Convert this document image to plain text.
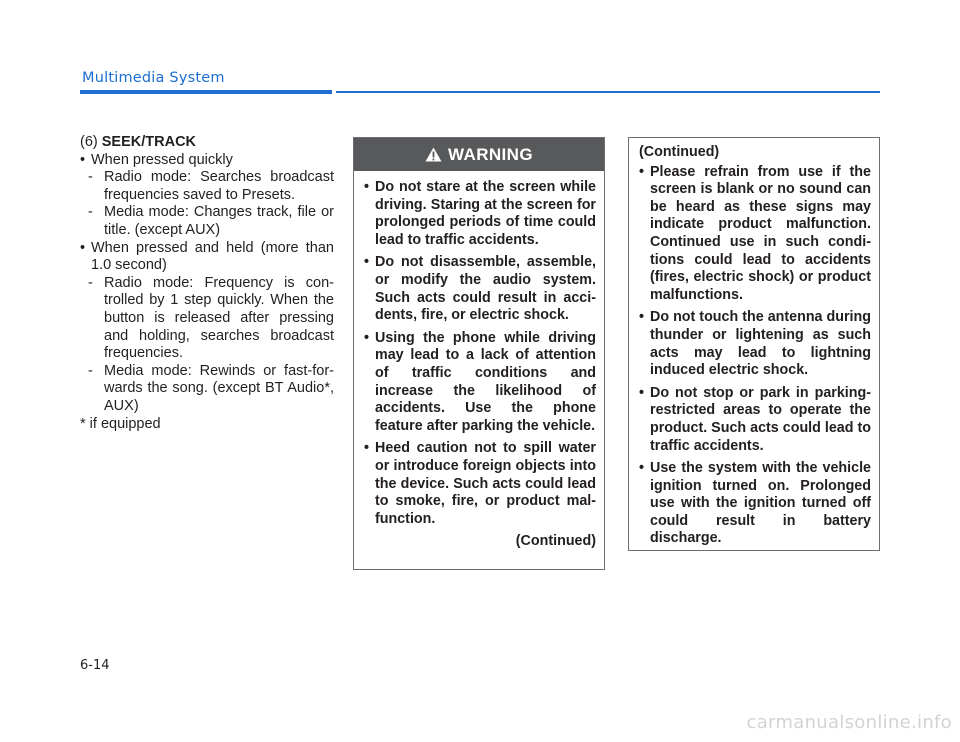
Multimedia System

(6) SEEK/TRACK

• When pressed quickly
- Radio mode: Searches broadcast frequencies saved to Presets.
- Media mode: Changes track, file or title. (except AUX)
• When pressed and held (more than 1.0 second)
- Radio mode: Frequency is con-trolled by 1 step quickly. When the button is released after pressing and holding, searches broadcast frequencies.
- Media mode: Rewinds or fast-for-wards the song. (except BT Audio*, AUX)

* if equipped

WARNING
• Do not stare at the screen while driving. Staring at the screen for prolonged periods of time could lead to traffic accidents.
• Do not disassemble, assemble, or modify the audio system. Such acts could result in acci-dents, fire, or electric shock.
• Using the phone while driving may lead to a lack of attention of traffic conditions and increase the likelihood of accidents. Use the phone feature after parking the vehicle.
• Heed caution not to spill water or introduce foreign objects into the device. Such acts could lead to smoke, fire, or product mal-function.
(Continued)
(Continued)
• Please refrain from use if the screen is blank or no sound can be heard as these signs may indicate product malfunction. Continued use in such condi-tions could lead to accidents (fires, electric shock) or product malfunctions.
• Do not touch the antenna during thunder or lightening as such acts may lead to lightning induced electric shock.
• Do not stop or park in parking-restricted areas to operate the product. Such acts could lead to traffic accidents.
• Use the system with the vehicle ignition turned on. Prolonged use with the ignition turned off could result in battery discharge.
6-14
carmanualsonline.info
